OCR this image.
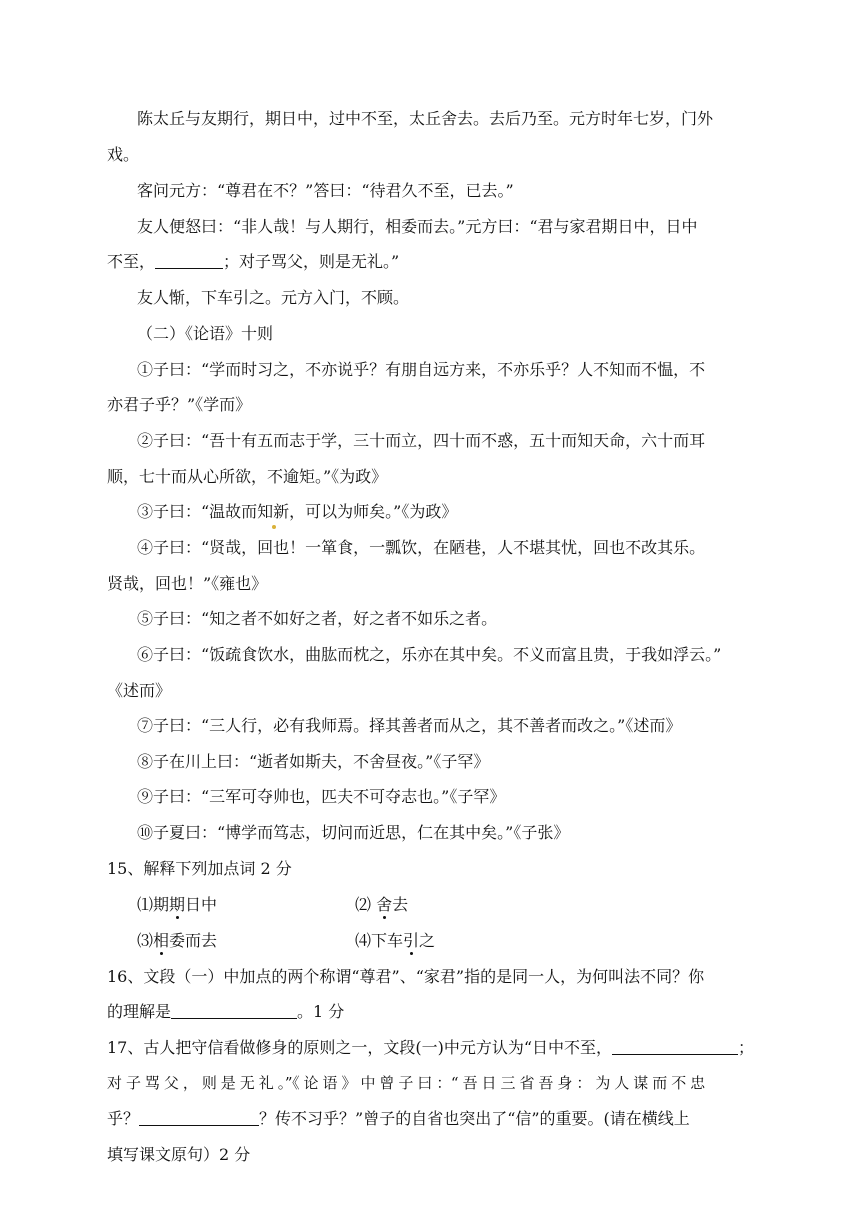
陈太丘与友期行，期日中，过中不至，太丘舍去。去后乃至。元方时年七岁，门外
戏。
客问元方：“尊君在不？”答曰：“待君久不至，已去。”
友人便怒曰：“非人哉！与人期行，相委而去。”元方曰：“君与家君期日中，日中
不至，	；对子骂父，则是无礼。”
友人惭，下车引之。元方入门，不顾。
（二）《论语》十则
①子曰：“学而时习之，不亦说乎？有朋自远方来，不亦乐乎？人不知而不愠，不
亦君子乎？”《学而》
②子曰：“吾十有五而志于学，三十而立，四十而不惑，五十而知天命，六十而耳
顺，七十而从心所欲，不逾矩。”《为政》
③子曰：“温故而知新，可以为师矣。”《为政》
④子曰：“贤哉，回也！一箪食，一瓢饮，在陋巷，人不堪其忧，回也不改其乐。
贤哉，回也！”《雍也》
⑤子曰：“知之者不如好之者，好之者不如乐之者。
⑥子曰：“饭疏食饮水，曲肱而枕之，乐亦在其中矣。不义而富且贵，于我如浮云。”
《述而》
⑦子曰：“三人行，必有我师焉。择其善者而从之，其不善者而改之。”《述而》
⑧子在川上曰：“逝者如斯夫，不舍昼夜。”《子罕》
⑨子曰：“三军可夺帅也，匹夫不可夺志也。”《子罕》
⑩子夏曰：“博学而笃志，切问而近思，仁在其中矣。”《子张》
15、解释下列加点词 2 分
⑴期期日中	⑵ 舍去
⑶相委而去	⑷下车引之
16、文段（一）中加点的两个称谓“尊君”、“家君”指的是同一人，为何叫法不同？你
的理解是	。1 分
17、古人把守信看做修身的原则之一，文段(一)中元方认为“日中不至，	；
对 子 骂 父 ， 则 是 无 礼 。”《 论 语 》 中 曾 子 曰 ：“ 吾 日 三 省 吾 身 ： 为 人 谋 而 不 忠
乎？	？传不习乎？”曾子的自省也突出了“信”的重要。(请在横线上
填写课文原句）2 分
